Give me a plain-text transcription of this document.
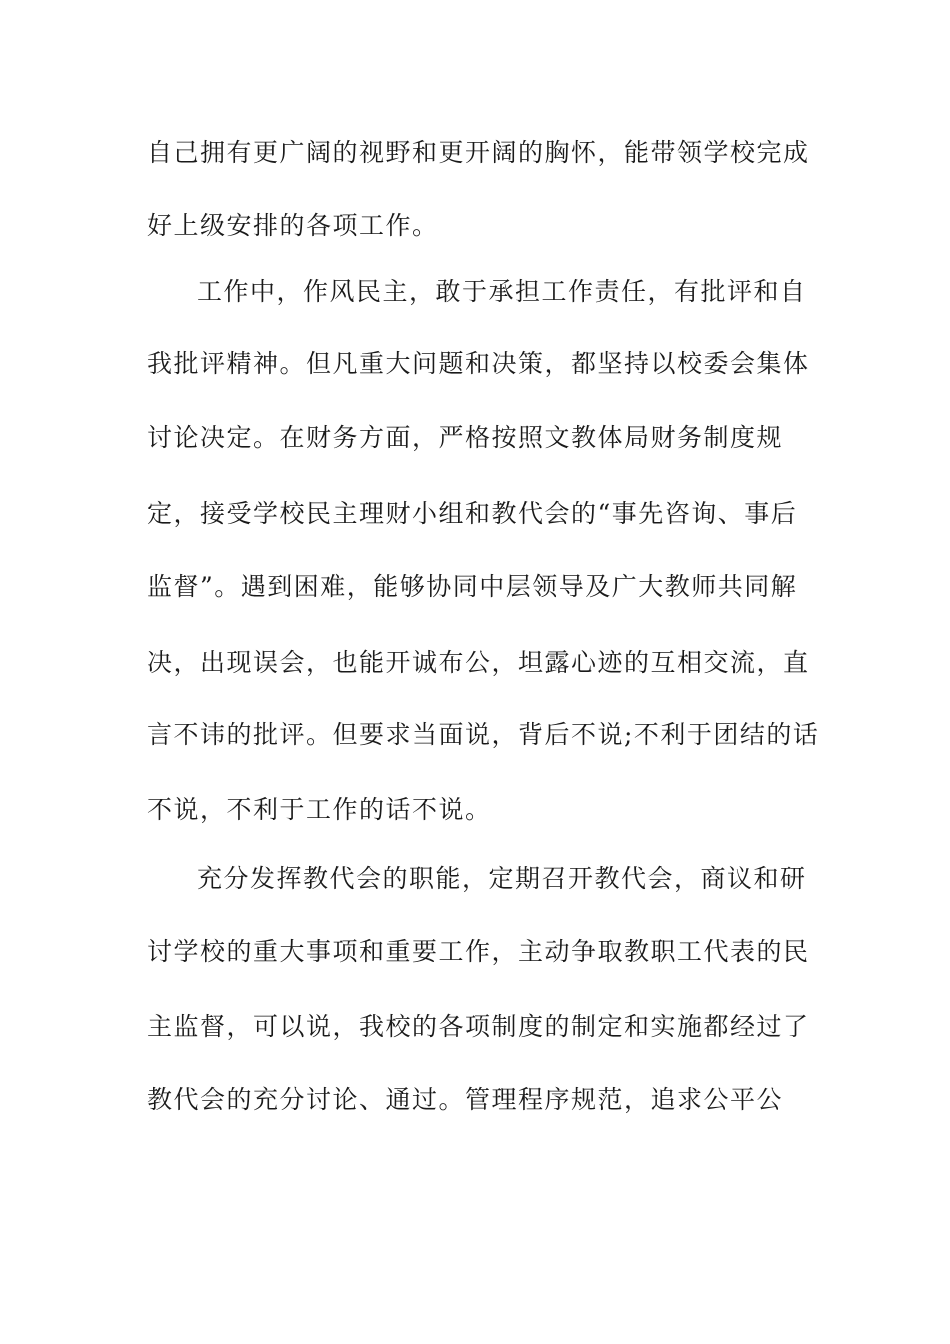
自己拥有更广阔的视野和更开阔的胸怀，能带领学校完成
好上级安排的各项工作。
工作中，作风民主，敢于承担工作责任，有批评和自
我批评精神。但凡重大问题和决策，都坚持以校委会集体
讨论决定。在财务方面，严格按照文教体局财务制度规
定，接受学校民主理财小组和教代会的“事先咨询、事后
监督”。遇到困难，能够协同中层领导及广大教师共同解
决，出现误会，也能开诚布公，坦露心迹的互相交流，直
言不讳的批评。但要求当面说，背后不说;不利于团结的话
不说，不利于工作的话不说。
充分发挥教代会的职能，定期召开教代会，商议和研
讨学校的重大事项和重要工作，主动争取教职工代表的民
主监督，可以说，我校的各项制度的制定和实施都经过了
教代会的充分讨论、通过。管理程序规范，追求公平公
